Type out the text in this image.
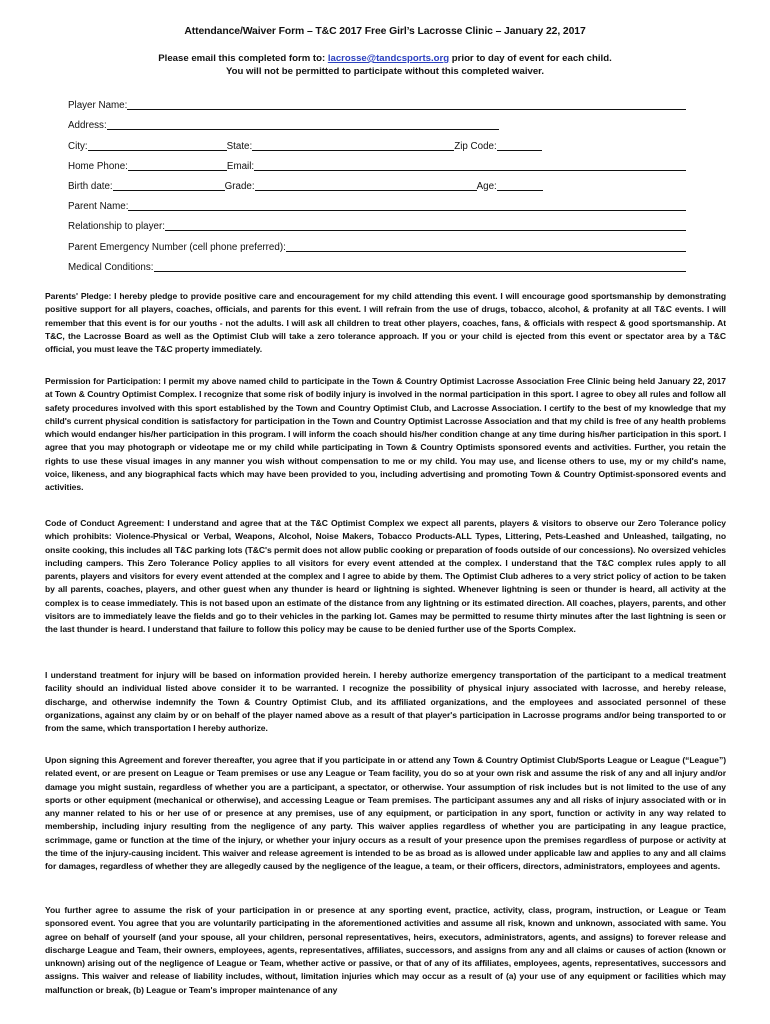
Attendance/Waiver Form – T&C 2017 Free Girl’s Lacrosse Clinic – January 22, 2017
Please email this completed form to: lacrosse@tandcsports.org prior to day of event for each child.
You will not be permitted to participate without this completed waiver.
Player Name:
Address:
City:	State:	Zip Code:
Home Phone:	Email:
Birth date:	Grade:	Age:
Parent Name:
Relationship to player:
Parent Emergency Number (cell phone preferred):
Medical Conditions:

Parents' Pledge: I hereby pledge to provide positive care and encouragement for my child attending this event. I will encourage good sportsmanship by demonstrating positive support for all players, coaches, officials, and parents for this event. I will refrain from the use of drugs, tobacco, alcohol, & profanity at all T&C events. I will remember that this event is for our youths - not the adults. I will ask all children to treat other players, coaches, fans, & officials with respect & good sportsmanship. At T&C, the Lacrosse Board as well as the Optimist Club will take a zero tolerance approach. If you or your child is ejected from this event or spectator area by a T&C official, you must leave the T&C property immediately.

Permission for Participation: I permit my above named child to participate in the Town & Country Optimist Lacrosse Association Free Clinic being held January 22, 2017 at Town & Country Optimist Complex. I recognize that some risk of bodily injury is involved in the normal participation in this sport. I agree to obey all rules and follow all safety procedures involved with this sport established by the Town and Country Optimist Club, and Lacrosse Association. I certify to the best of my knowledge that my child's current physical condition is satisfactory for participation in the Town and Country Optimist Lacrosse Association and that my child is free of any health problems which would endanger his/her participation in this program. I will inform the coach should his/her condition change at any time during his/her participation in this sport. I agree that you may photograph or videotape me or my child while participating in Town & Country Optimists sponsored events and activities. Further, you retain the rights to use these visual images in any manner you wish without compensation to me or my child. You may use, and license others to use, my or my child's name, voice, likeness, and any biographical facts which may have been provided to you, including advertising and promoting Town & Country Optimist-sponsored events and activities.

Code of Conduct Agreement: I understand and agree that at the T&C Optimist Complex we expect all parents, players & visitors to observe our Zero Tolerance policy which prohibits: Violence-Physical or Verbal, Weapons, Alcohol, Noise Makers, Tobacco Products-ALL Types, Littering, Pets-Leashed and Unleashed, tailgating, no onsite cooking, this includes all T&C parking lots (T&C's permit does not allow public cooking or preparation of foods outside of our concessions). No oversized vehicles including campers. This Zero Tolerance Policy applies to all visitors for every event attended at the complex. I understand that the T&C complex rules apply to all parents, players and visitors for every event attended at the complex and I agree to abide by them. The Optimist Club adheres to a very strict policy of action to be taken by all parents, coaches, players, and other guest when any thunder is heard or lightning is sighted. Whenever lightning is seen or thunder is heard, all activity at the complex is to cease immediately. This is not based upon an estimate of the distance from any lightning or its estimated direction. All coaches, players, parents, and other visitors are to immediately leave the fields and go to their vehicles in the parking lot. Games may be permitted to resume thirty minutes after the last lightning is seen or the last thunder is heard. I understand that failure to follow this policy may be cause to be denied further use of the Sports Complex.

I understand treatment for injury will be based on information provided herein. I hereby authorize emergency transportation of the participant to a medical treatment facility should an individual listed above consider it to be warranted. I recognize the possibility of physical injury associated with lacrosse, and hereby release, discharge, and otherwise indemnify the Town & Country Optimist Club, and its affiliated organizations, and the employees and associated personnel of these organizations, against any claim by or on behalf of the player named above as a result of that player's participation in Lacrosse programs and/or being transported to or from the same, which transportation I hereby authorize.

Upon signing this Agreement and forever thereafter, you agree that if you participate in or attend any Town & Country Optimist Club/Sports League or League (“League”) related event, or are present on League or Team premises or use any League or Team facility, you do so at your own risk and assume the risk of any and all injury and/or damage you might sustain, regardless of whether you are a participant, a spectator, or otherwise. Your assumption of risk includes but is not limited to the use of any sports or other equipment (mechanical or otherwise), and accessing League or Team premises. The participant assumes any and all risks of injury associated with or in any manner related to his or her use of or presence at any premises, use of any equipment, or participation in any sport, function or activity in any way related to membership, including injury resulting from the negligence of any party. This waiver applies regardless of whether you are participating in any league practice, scrimmage, game or function at the time of the injury, or whether your injury occurs as a result of your presence upon the premises regardless of purpose or activity at the time of the injury-causing incident. This waiver and release agreement is intended to be as broad as is allowed under applicable law and applies to any and all claims for damages, regardless of whether they are allegedly caused by the negligence of the league, a team, or their officers, directors, administrators, employees and agents.

You further agree to assume the risk of your participation in or presence at any sporting event, practice, activity, class, program, instruction, or League or Team sponsored event. You agree that you are voluntarily participating in the aforementioned activities and assume all risk, known and unknown, associated with same. You agree on behalf of yourself (and your spouse, all your children, personal representatives, heirs, executors, administrators, agents, and assigns) to forever release and discharge League and Team, their owners, employees, agents, representatives, affiliates, successors, and assigns from any and all claims or causes of action (known or unknown) arising out of the negligence of League or Team, whether active or passive, or that of any of its affiliates, employees, agents, representatives, successors and assigns. This waiver and release of liability includes, without, limitation injuries which may occur as a result of (a) your use of any equipment or facilities which may malfunction or break, (b) League or Team's improper maintenance of any
